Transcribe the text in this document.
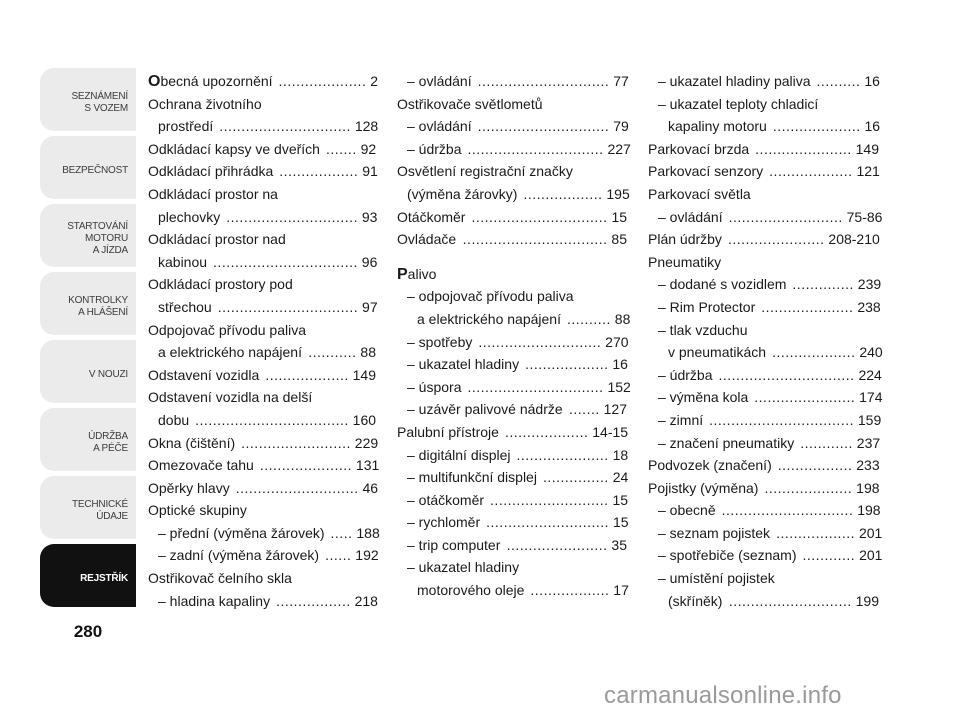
SEZNÁMENÍ
S VOZEM
BEZPEČNOST
STARTOVÁNÍ
MOTORU
A JÍZDA
KONTROLKY
A HLÁŠENÍ
V NOUZI
ÚDRŽBA
A PÉČE
TECHNICKÉ
ÚDAJE
REJSTŘÍK
280
Obecná upozornění .................... 2
Ochrana životního
prostředí .............................. 128
Odkládací kapsy ve dveřích ....... 92
Odkládací přihrádka .................. 91
Odkládací prostor na
plechovky .............................. 93
Odkládací prostor nad
kabinou ................................. 96
Odkládací prostory pod
střechou ................................ 97
Odpojovač přívodu paliva
a elektrického napájení ........... 88
Odstavení vozidla ................... 149
Odstavení vozidla na delší
dobu ................................... 160
Okna (čištění) ......................... 229
Omezovače tahu ..................... 131
Opěrky hlavy ............................ 46
Optické skupiny
– přední (výměna žárovek) ..... 188
– zadní (výměna žárovek) ...... 192
Ostřikovač čelního skla
– hladina kapaliny ................. 218
– ovládání .............................. 77
Ostřikovače světlometů
– ovládání .............................. 79
– údržba ............................... 227
Osvětlení registrační značky
(výměna žárovky) .................. 195
Otáčkoměr ............................... 15
Ovládače ................................. 85
Palivo
– odpojovač přívodu paliva
a elektrického napájení .......... 88
– spotřeby ............................ 270
– ukazatel hladiny ................... 16
– úspora ............................... 152
– uzávěr palivové nádrže ....... 127
Palubní přístroje ................... 14-15
– digitální displej ..................... 18
– multifunkční displej ............... 24
– otáčkoměr ........................... 15
– rychloměr ............................ 15
– trip computer ....................... 35
– ukazatel hladiny
motorového oleje .................. 17
– ukazatel hladiny paliva .......... 16
– ukazatel teploty chladicí
kapaliny motoru .................... 16
Parkovací brzda ...................... 149
Parkovací senzory ................... 121
Parkovací světla
– ovládání .......................... 75-86
Plán údržby ...................... 208-210
Pneumatiky
– dodané s vozidlem .............. 239
– Rim Protector ..................... 238
– tlak vzduchu
v pneumatikách ................... 240
– údržba ............................... 224
– výměna kola ....................... 174
– zimní ................................. 159
– značení pneumatiky ............ 237
Podvozek (značení) ................. 233
Pojistky (výměna) .................... 198
– obecně .............................. 198
– seznam pojistek .................. 201
– spotřebiče (seznam) ............ 201
– umístění pojistek
(skříněk) ............................ 199
carmanualsonline.info
